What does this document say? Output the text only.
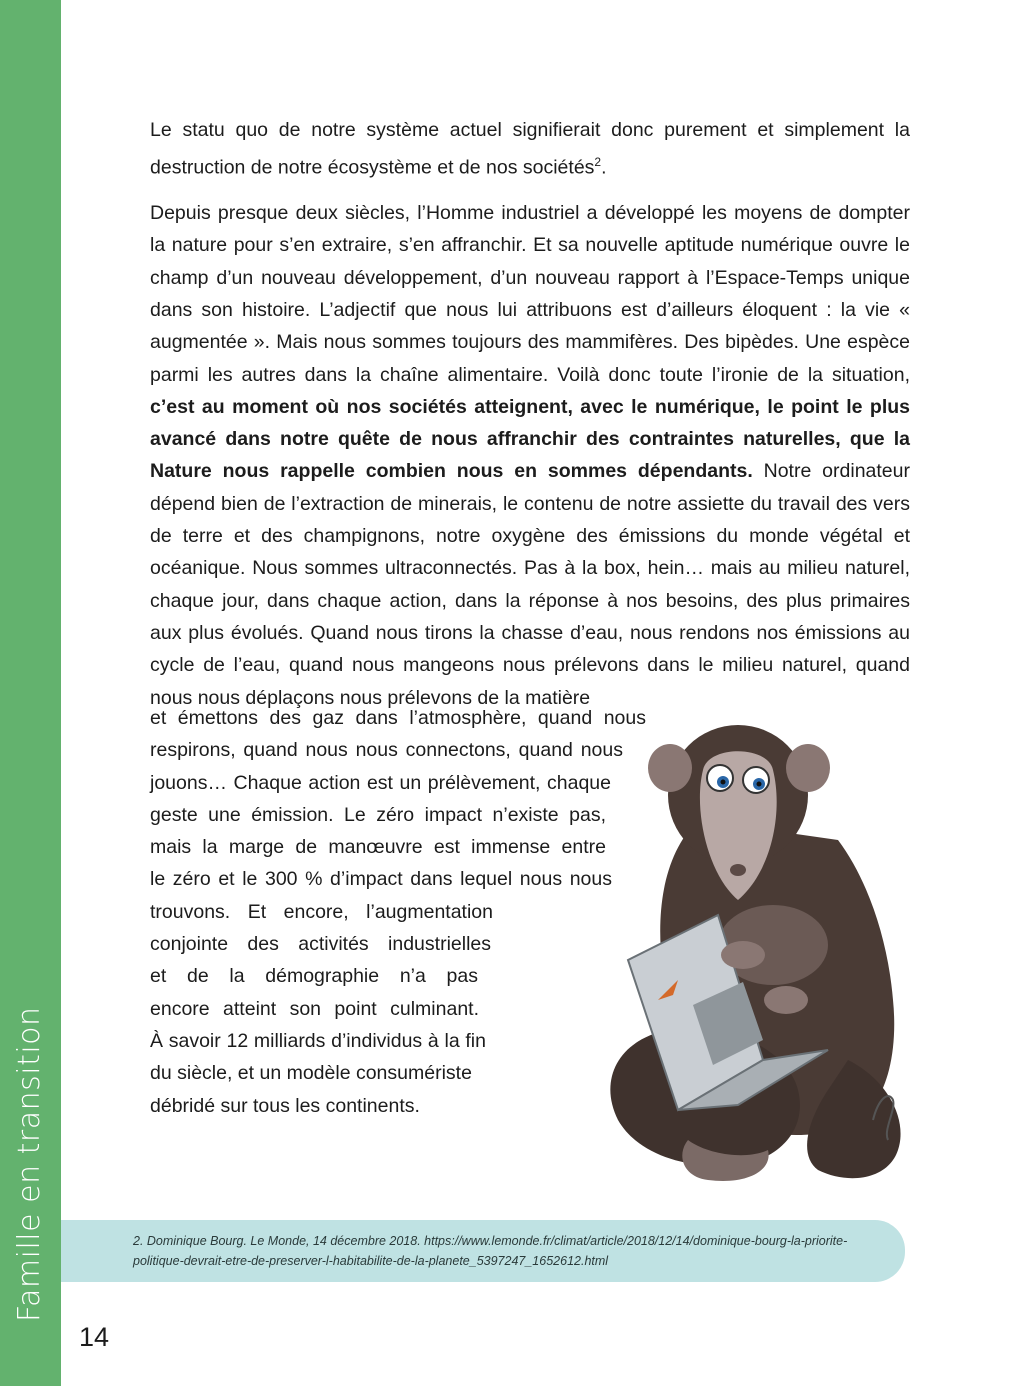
Famille en transition

Le statu quo de notre système actuel signifierait donc purement et simplement la destruction de notre écosystème et de nos sociétés$^2$.

Depuis presque deux siècles, l’Homme industriel a développé les moyens de dompter la nature pour s’en extraire, s’en affranchir. Et sa nouvelle aptitude numérique ouvre le champ d’un nouveau développement, d’un nouveau rapport à l’Espace-Temps unique dans son histoire. L’adjectif que nous lui attribuons est d’ailleurs éloquent : la vie « augmentée ». Mais nous sommes toujours des mammifères. Des bipèdes. Une espèce parmi les autres dans la chaîne alimentaire. Voilà donc toute l’ironie de la situation, c’est au moment où nos sociétés atteignent, avec le numérique, le point le plus avancé dans notre quête de nous affranchir des contraintes naturelles, que la Nature nous rappelle combien nous en sommes dépendants. Notre ordinateur dépend bien de l’extraction de minerais, le contenu de notre assiette du travail des vers de terre et des champignons, notre oxygène des émissions du monde végétal et océanique. Nous sommes ultraconnectés. Pas à la box, hein… mais au milieu naturel, chaque jour, dans chaque action, dans la réponse à nos besoins, des plus primaires aux plus évolués. Quand nous tirons la chasse d’eau, nous rendons nos émissions au cycle de l’eau, quand nous mangeons nous prélevons dans le milieu naturel, quand nous nous déplaçons nous prélevons de la matière

et émettons des gaz dans l’atmosphère, quand nous
respirons, quand nous nous connectons, quand nous
jouons… Chaque action est un prélèvement, chaque
geste une émission. Le zéro impact n’existe pas,
mais la marge de manœuvre est immense entre
le zéro et le 300 % d’impact dans lequel nous nous
trouvons. Et encore, l’augmentation
conjointe des activités industrielles
et de la démographie n’a pas
encore atteint son point culminant.
À savoir 12 milliards d’individus à la fin
du siècle, et un modèle consumériste
débridé sur tous les continents.
2. Dominique Bourg. Le Monde, 14 décembre 2018. https://www.lemonde.fr/climat/article/2018/12/14/dominique-bourg-la-priorite-politique-devrait-etre-de-preserver-l-habitabilite-de-la-planete_5397247_1652612.html
14
